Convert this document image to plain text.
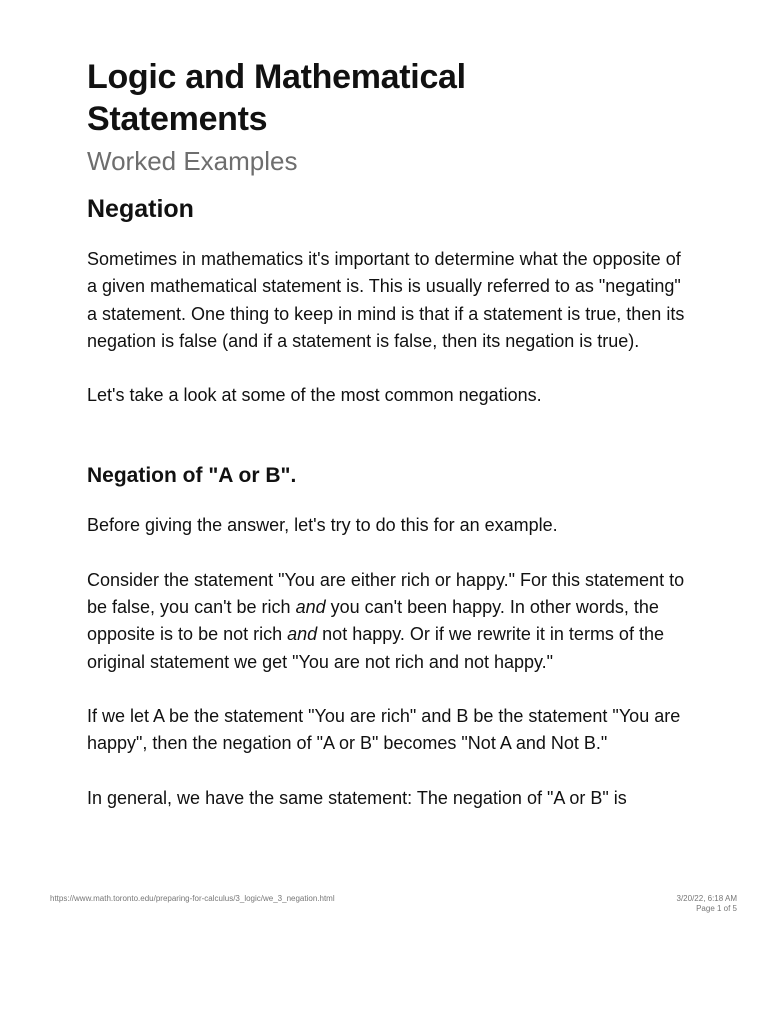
Logic and Mathematical
Statements
Worked Examples
Negation

Sometimes in mathematics it's important to determine what the opposite of a given mathematical statement is. This is usually referred to as "negating" a statement. One thing to keep in mind is that if a statement is true, then its negation is false (and if a statement is false, then its negation is true).

Let's take a look at some of the most common negations.

Negation of "A or B".

Before giving the answer, let's try to do this for an example.

Consider the statement "You are either rich or happy." For this statement to be false, you can't be rich and you can't been happy. In other words, the opposite is to be not rich and not happy. Or if we rewrite it in terms of the original statement we get "You are not rich and not happy."

If we let A be the statement "You are rich" and B be the statement "You are happy", then the negation of "A or B" becomes "Not A and Not B."

In general, we have the same statement: The negation of "A or B" is

https://www.math.toronto.edu/preparing-for-calculus/3_logic/we_3_negation.html	3/20/22, 6:18 AM
Page 1 of 5
